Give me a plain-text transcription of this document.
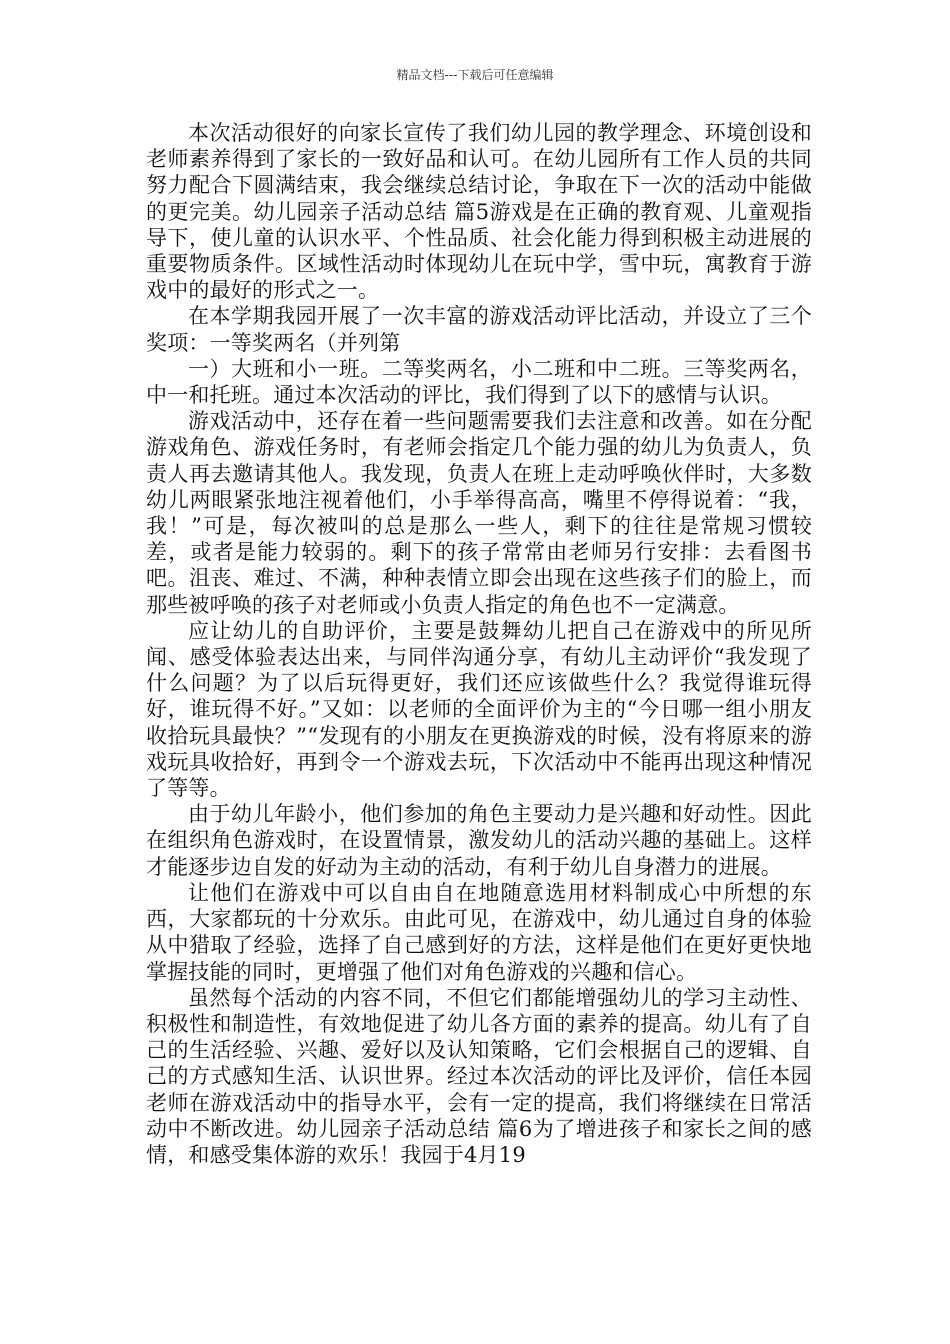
精品文档---下载后可任意编辑

本次活动很好的向家长宣传了我们幼儿园的教学理念、环境创设和老师素养得到了家长的一致好品和认可。在幼儿园所有工作人员的共同努力配合下圆满结束，我会继续总结讨论，争取在下一次的活动中能做的更完美。幼儿园亲子活动总结 篇5游戏是在正确的教育观、儿童观指导下，使儿童的认识水平、个性品质、社会化能力得到积极主动进展的重要物质条件。区域性活动时体现幼儿在玩中学，雪中玩，寓教育于游戏中的最好的形式之一。

在本学期我园开展了一次丰富的游戏活动评比活动，并设立了三个奖项：一等奖两名（并列第

一）大班和小一班。二等奖两名，小二班和中二班。三等奖两名，中一和托班。通过本次活动的评比，我们得到了以下的感情与认识。

游戏活动中，还存在着一些问题需要我们去注意和改善。如在分配游戏角色、游戏任务时，有老师会指定几个能力强的幼儿为负责人，负责人再去邀请其他人。我发现，负责人在班上走动呼唤伙伴时，大多数幼儿两眼紧张地注视着他们，小手举得高高，嘴里不停得说着：“我，我！”可是，每次被叫的总是那么一些人，剩下的往往是常规习惯较差，或者是能力较弱的。剩下的孩子常常由老师另行安排：去看图书吧。沮丧、难过、不满，种种表情立即会出现在这些孩子们的脸上，而那些被呼唤的孩子对老师或小负责人指定的角色也不一定满意。

应让幼儿的自助评价，主要是鼓舞幼儿把自己在游戏中的所见所闻、感受体验表达出来，与同伴沟通分享，有幼儿主动评价“我发现了什么问题？为了以后玩得更好，我们还应该做些什么？我觉得谁玩得好，谁玩得不好。”又如：以老师的全面评价为主的“今日哪一组小朋友收拾玩具最快？”“发现有的小朋友在更换游戏的时候，没有将原来的游戏玩具收拾好，再到令一个游戏去玩，下次活动中不能再出现这种情况了等等。

由于幼儿年龄小，他们参加的角色主要动力是兴趣和好动性。因此在组织角色游戏时，在设置情景，激发幼儿的活动兴趣的基础上。这样才能逐步边自发的好动为主动的活动，有利于幼儿自身潜力的进展。

让他们在游戏中可以自由自在地随意选用材料制成心中所想的东西，大家都玩的十分欢乐。由此可见，在游戏中，幼儿通过自身的体验从中猎取了经验，选择了自己感到好的方法，这样是他们在更好更快地掌握技能的同时，更增强了他们对角色游戏的兴趣和信心。

虽然每个活动的内容不同，不但它们都能增强幼儿的学习主动性、积极性和制造性，有效地促进了幼儿各方面的素养的提高。幼儿有了自己的生活经验、兴趣、爱好以及认知策略，它们会根据自己的逻辑、自己的方式感知生活、认识世界。经过本次活动的评比及评价，信任本园老师在游戏活动中的指导水平，会有一定的提高，我们将继续在日常活动中不断改进。幼儿园亲子活动总结 篇6为了增进孩子和家长之间的感情，和感受集体游的欢乐！我园于4月19
